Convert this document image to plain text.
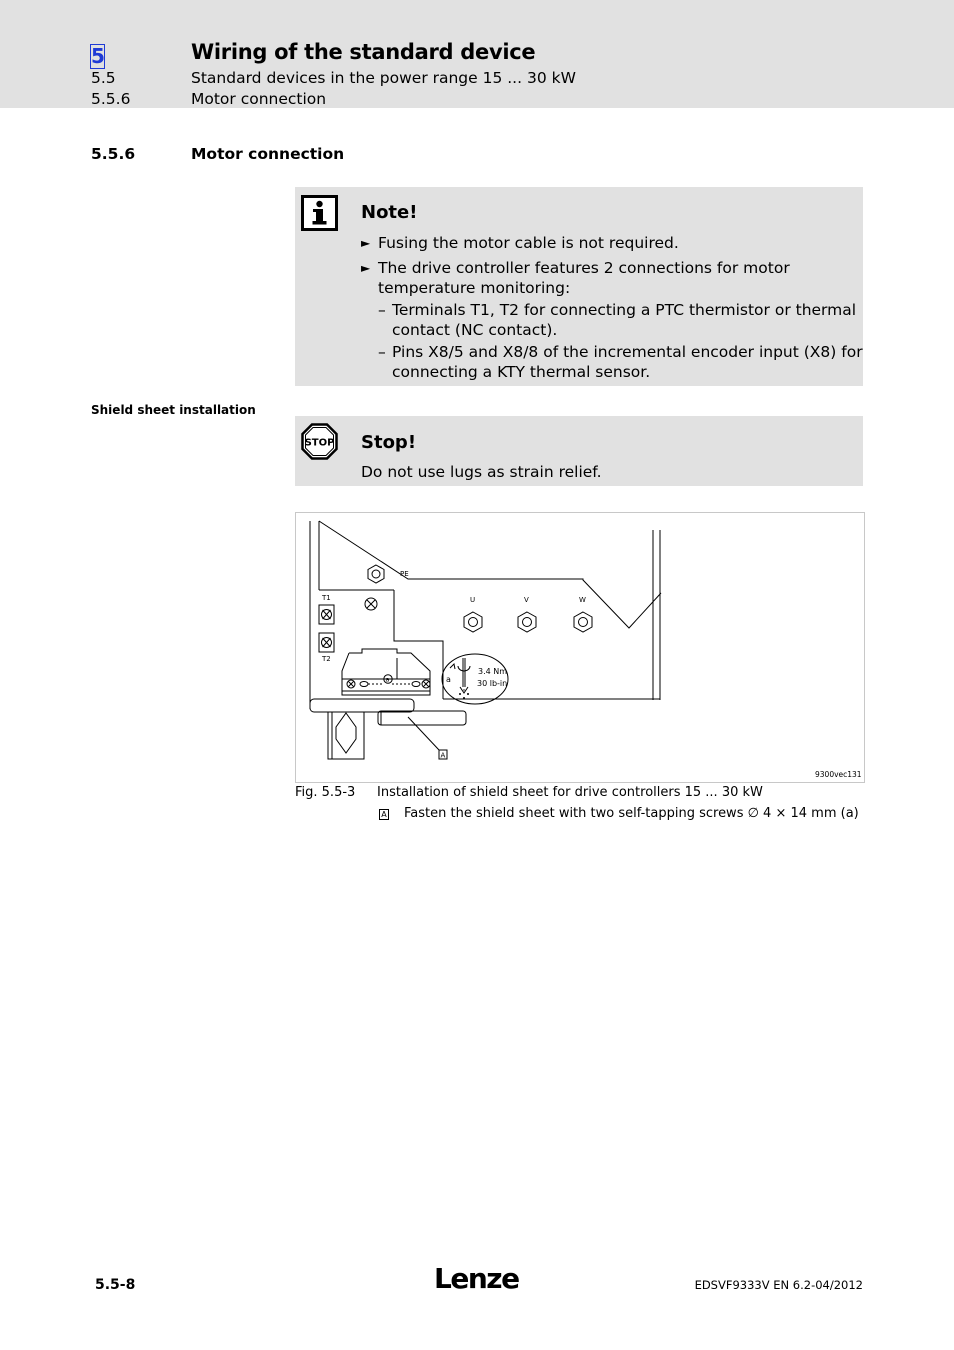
5	Wiring of the standard device
5.5	Standard devices in the power range 15 ... 30 kW
5.5.6	Motor connection
5.5.6	Motor connection
Note!
► Fusing the motor cable is not required.
► The drive controller features 2 connections for motor
temperature monitoring:
– Terminals T1, T2 for connecting a PTC thermistor or thermal
contact (NC contact).
– Pins X8/5 and X8/8 of the incremental encoder input (X8) for
connecting a KTY thermal sensor.
Shield sheet installation
STOP Stop!
Do not use lugs as strain relief.
PE
T1
T2
U	V	W
a	a
3.4 Nm
30 lb-in
A
9300vec131
Fig. 5.5-3 Installation of shield sheet for drive controllers 15 ... 30 kW
A Fasten the shield sheet with two self-tapping screws ∅ 4 × 14 mm (a)
5.5-8	Lenze	EDSVF9333V EN 6.2-04/2012
